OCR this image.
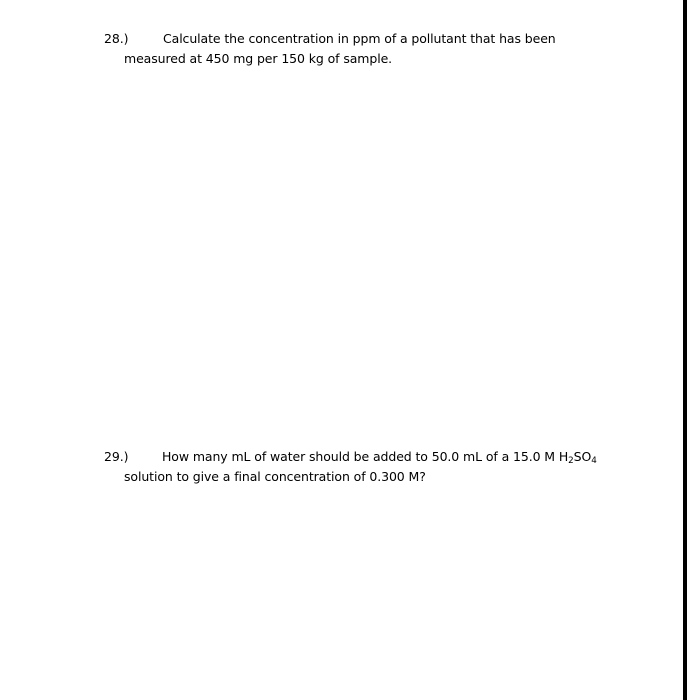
28.)	Calculate the concentration in ppm of a pollutant that has been
measured at 450 mg per 150 kg of sample.
29.)	How many mL of water should be added to 50.0 mL of a 15.0 M $H_2SO_4$
solution to give a final concentration of 0.300 M?
